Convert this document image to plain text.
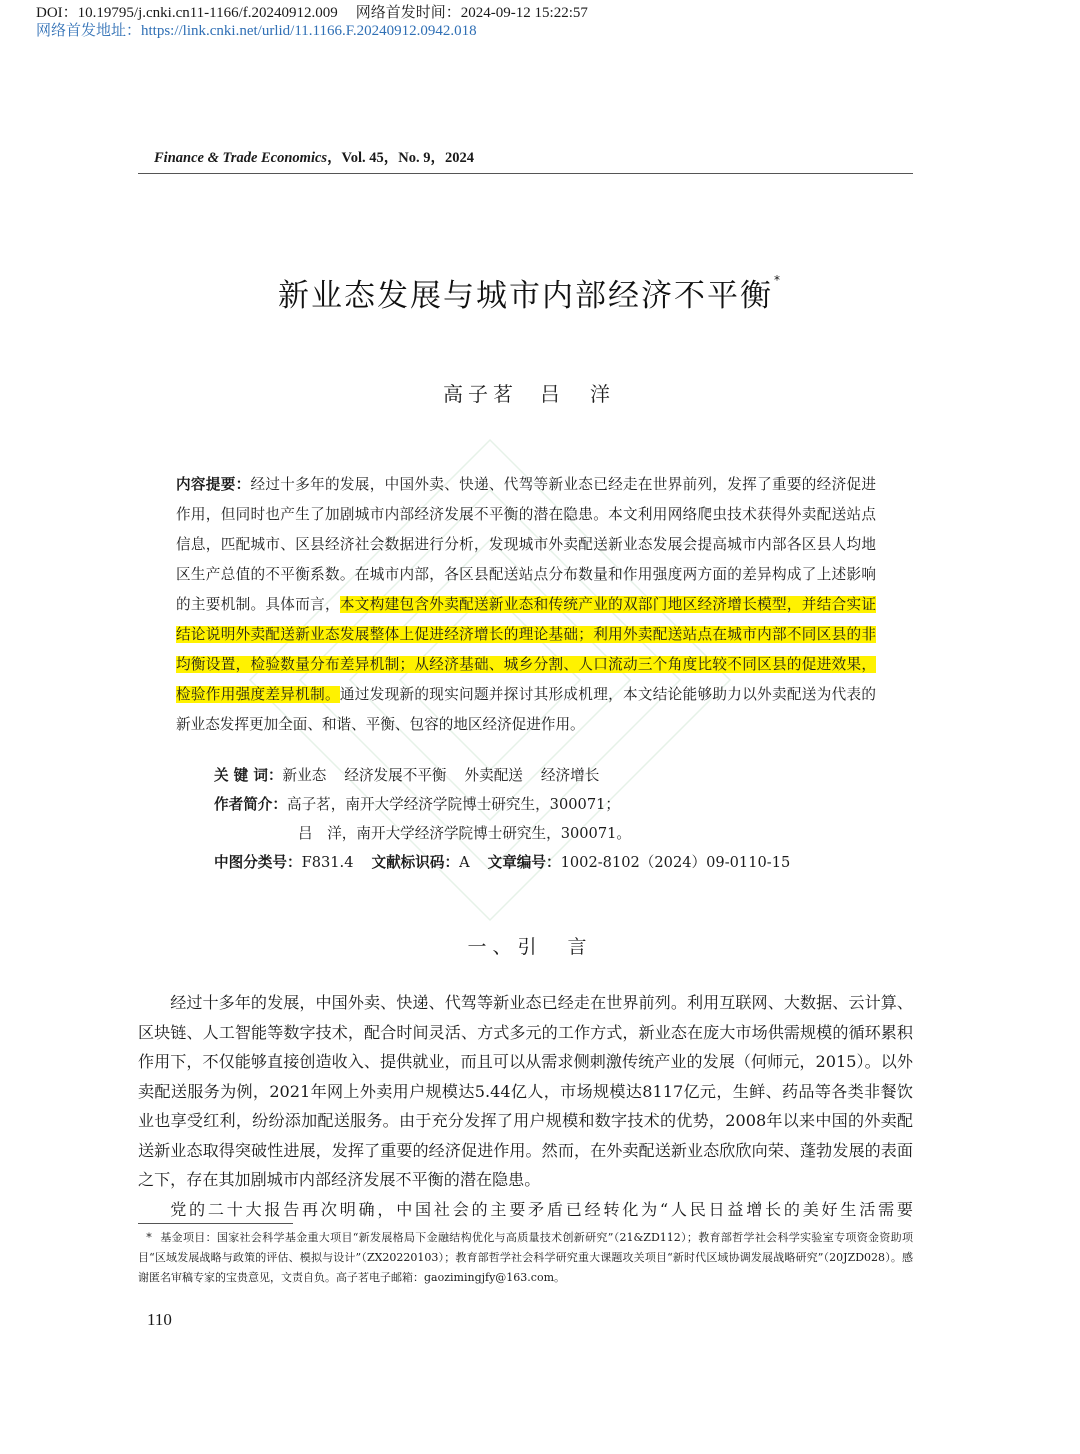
DOI：10.19795/j.cnki.cn11-1166/f.20240912.009 网络首发时间：2024-09-12 15:22:57
网络首发地址：https://link.cnki.net/urlid/11.1166.F.20240912.0942.018
Finance & Trade Economics，Vol. 45，No. 9，2024
新业态发展与城市内部经济不平衡*
高子茗 吕　洋

内容提要：经过十多年的发展，中国外卖、快递、代驾等新业态已经走在世界前列，发挥了重要的经济促进作用，但同时也产生了加剧城市内部经济发展不平衡的潜在隐患。本文利用网络爬虫技术获得外卖配送站点信息，匹配城市、区县经济社会数据进行分析，发现城市外卖配送新业态发展会提高城市内部各区县人均地区生产总值的不平衡系数。在城市内部，各区县配送站点分布数量和作用强度两方面的差异构成了上述影响的主要机制。具体而言，本文构建包含外卖配送新业态和传统产业的双部门地区经济增长模型，并结合实证结论说明外卖配送新业态发展整体上促进经济增长的理论基础；利用外卖配送站点在城市内部不同区县的非均衡设置，检验数量分布差异机制；从经济基础、城乡分割、人口流动三个角度比较不同区县的促进效果，检验作用强度差异机制。通过发现新的现实问题并探讨其形成机理，本文结论能够助力以外卖配送为代表的新业态发挥更加全面、和谐、平衡、包容的地区经济促进作用。

关 键 词：新业态 经济发展不平衡 外卖配送 经济增长
作者简介：高子茗，南开大学经济学院博士研究生，300071；
吕　洋，南开大学经济学院博士研究生，300071。
中图分类号：F831.4 文献标识码：A 文章编号：1002-8102（2024）09-0110-15
一、引　言

经过十多年的发展，中国外卖、快递、代驾等新业态已经走在世界前列。利用互联网、大数据、云计算、区块链、人工智能等数字技术，配合时间灵活、方式多元的工作方式，新业态在庞大市场供需规模的循环累积作用下，不仅能够直接创造收入、提供就业，而且可以从需求侧刺激传统产业的发展（何师元，2015）。以外卖配送服务为例，2021年网上外卖用户规模达5.44亿人，市场规模达8117亿元，生鲜、药品等各类非餐饮业也享受红利，纷纷添加配送服务。由于充分发挥了用户规模和数字技术的优势，2008年以来中国的外卖配送新业态取得突破性进展，发挥了重要的经济促进作用。然而，在外卖配送新业态欣欣向荣、蓬勃发展的表面之下，存在其加剧城市内部经济发展不平衡的潜在隐患。

党的二十大报告再次明确，中国社会的主要矛盾已经转化为“人民日益增长的美好生活需要

* 基金项目：国家社会科学基金重大项目“新发展格局下金融结构优化与高质量技术创新研究”（21&ZD112）；教育部哲学社会科学实验室专项资金资助项目“区域发展战略与政策的评估、模拟与设计”（ZX20220103）；教育部哲学社会科学研究重大课题攻关项目“新时代区域协调发展战略研究”（20JZD028）。感谢匿名审稿专家的宝贵意见，文责自负。高子茗电子邮箱：gaozimingjfy@163.com。
110
